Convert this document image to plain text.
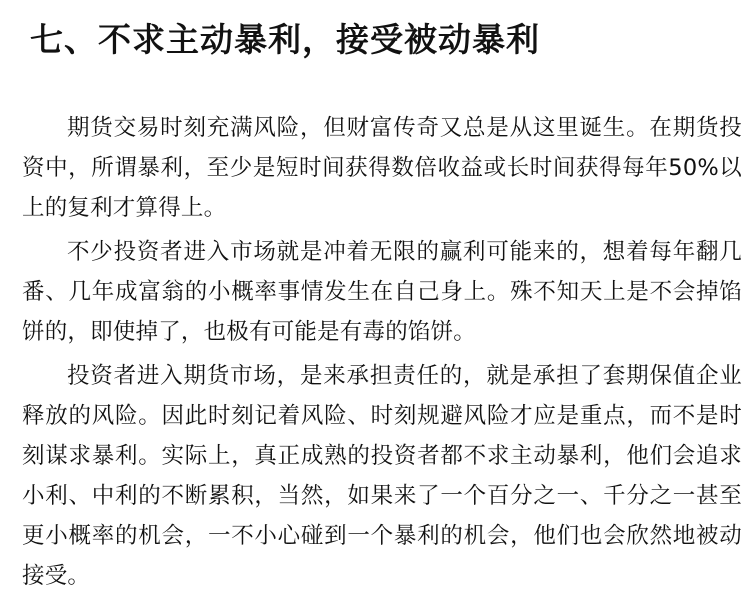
七、不求主动暴利，接受被动暴利

期货交易时刻充满风险，但财富传奇又总是从这里诞生。在期货投资中，所谓暴利，至少是短时间获得数倍收益或长时间获得每年50%以上的复利才算得上。

不少投资者进入市场就是冲着无限的赢利可能来的，想着每年翻几番、几年成富翁的小概率事情发生在自己身上。殊不知天上是不会掉馅饼的，即使掉了，也极有可能是有毒的馅饼。

投资者进入期货市场，是来承担责任的，就是承担了套期保值企业释放的风险。因此时刻记着风险、时刻规避风险才应是重点，而不是时刻谋求暴利。实际上，真正成熟的投资者都不求主动暴利，他们会追求小利、中利的不断累积，当然，如果来了一个百分之一、千分之一甚至更小概率的机会，一不小心碰到一个暴利的机会，他们也会欣然地被动接受。
